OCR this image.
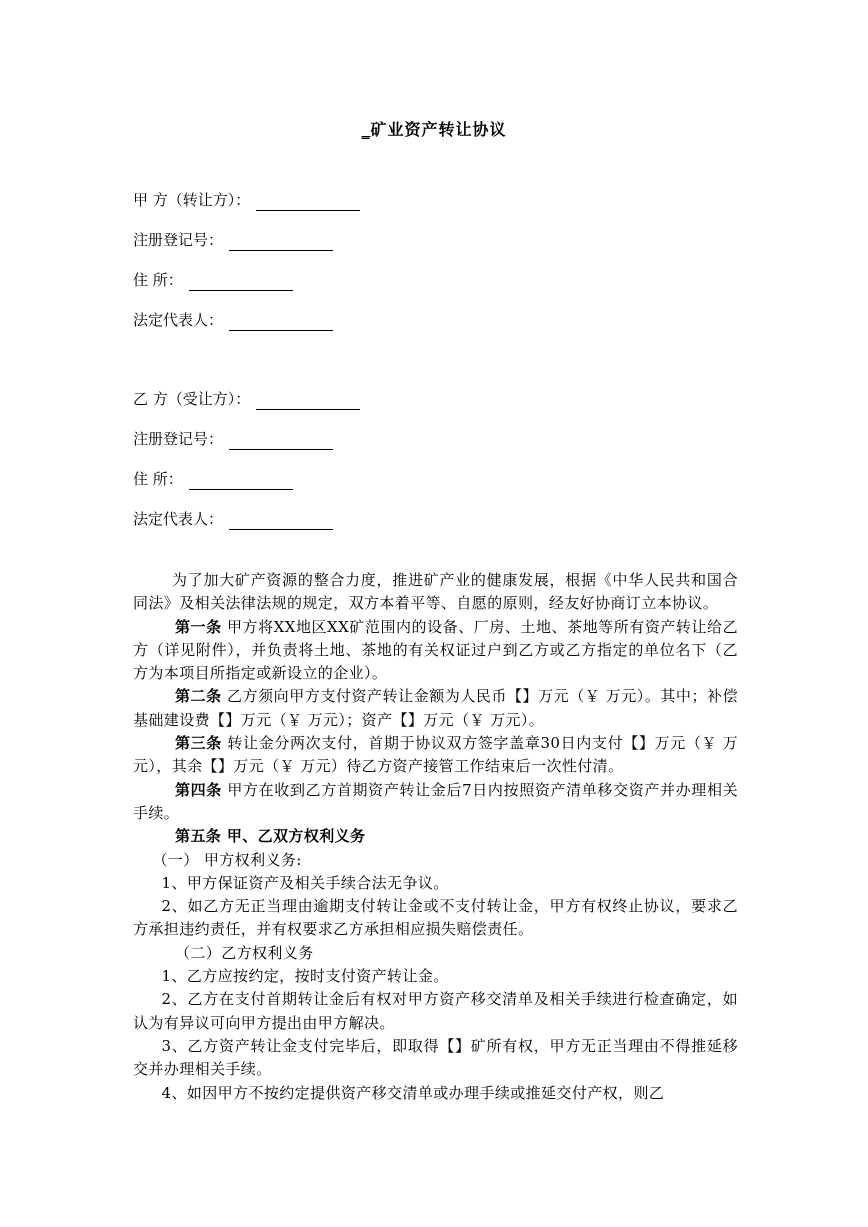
_矿业资产转让协议
甲 方（转让方）：
注册登记号：
住 所：
法定代表人：
乙 方（受让方）：
注册登记号：
住 所：
法定代表人：

为了加大矿产资源的整合力度，推进矿产业的健康发展，根据《中华人民共和国合同法》及相关法律法规的规定，双方本着平等、自愿的原则，经友好协商订立本协议。

第一条 甲方将XX地区XX矿范围内的设备、厂房、土地、茶地等所有资产转让给乙方（详见附件），并负责将土地、茶地的有关权证过户到乙方或乙方指定的单位名下（乙方为本项目所指定或新设立的企业）。

第二条 乙方须向甲方支付资产转让金额为人民币【】万元（￥ 万元）。其中；补偿基础建设费【】万元（￥ 万元）；资产【】万元（￥ 万元）。

第三条 转让金分两次支付，首期于协议双方签字盖章30日内支付【】万元（￥ 万元），其余【】万元（￥ 万元）待乙方资产接管工作结束后一次性付清。

第四条 甲方在收到乙方首期资产转让金后7日内按照资产清单移交资产并办理相关手续。

第五条 甲、乙双方权利义务

（一） 甲方权利义务:

1、甲方保证资产及相关手续合法无争议。

2、如乙方无正当理由逾期支付转让金或不支付转让金，甲方有权终止协议，要求乙方承担违约责任，并有权要求乙方承担相应损失赔偿责任。

（二）乙方权利义务

1、乙方应按约定，按时支付资产转让金。

2、乙方在支付首期转让金后有权对甲方资产移交清单及相关手续进行检查确定，如认为有异议可向甲方提出由甲方解决。

3、乙方资产转让金支付完毕后，即取得【】矿所有权，甲方无正当理由不得推延移交并办理相关手续。

4、如因甲方不按约定提供资产移交清单或办理手续或推延交付产权，则乙
